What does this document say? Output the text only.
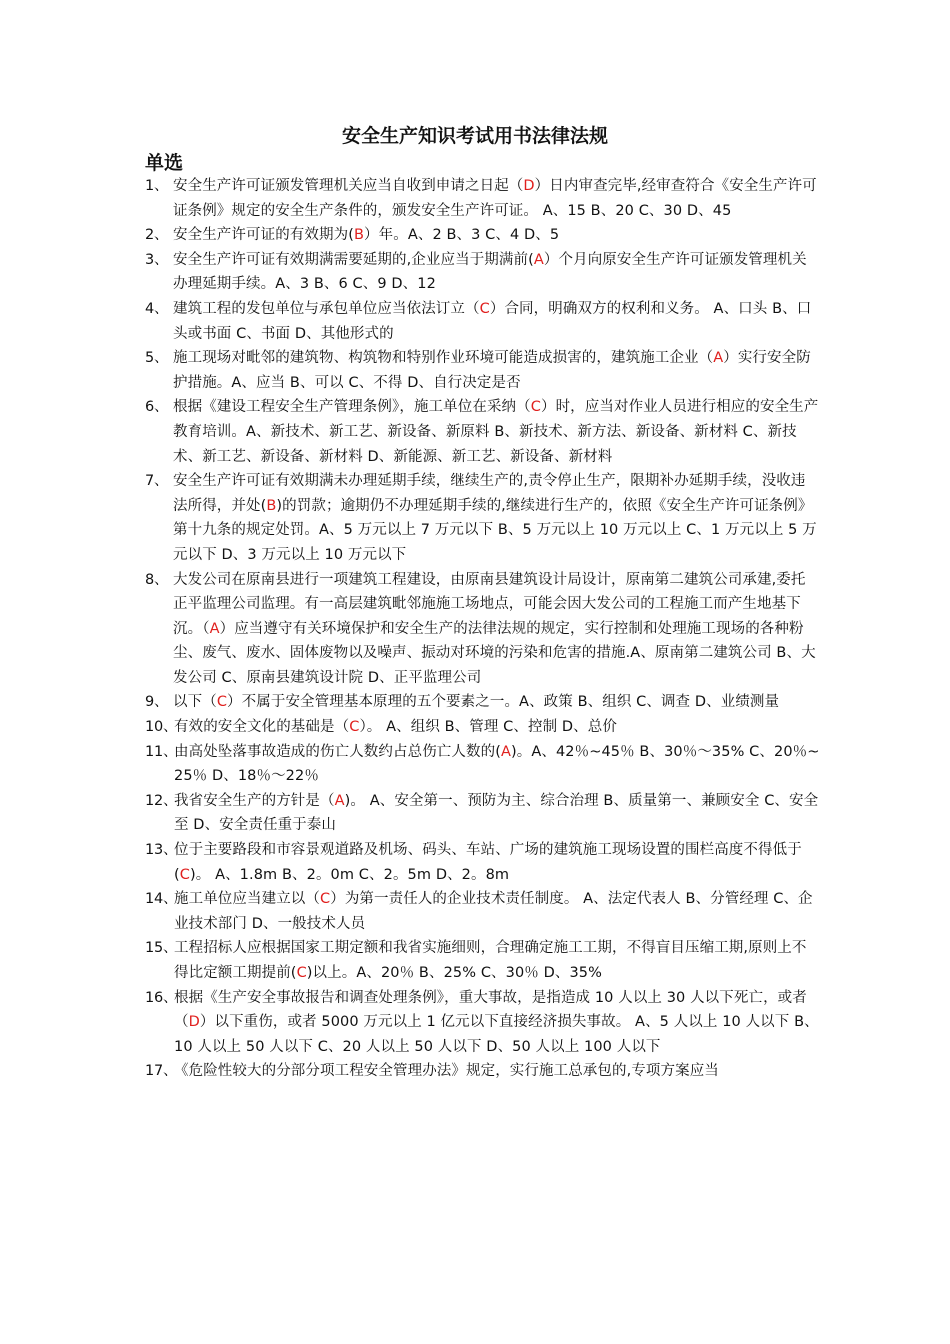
安全生产知识考试用书法律法规
单选
1、 安全生产许可证颁发管理机关应当自收到申请之日起（D）日内审查完毕,经审查符合《安全生产许可证条例》规定的安全生产条件的，颁发安全生产许可证。 A、15 B、20 C、30 D、45
2、 安全生产许可证的有效期为(B）年。A、2 B、3 C、4 D、5
3、 安全生产许可证有效期满需要延期的,企业应当于期满前(A）个月向原安全生产许可证颁发管理机关办理延期手续。A、3 B、6 C、9 D、12
4、 建筑工程的发包单位与承包单位应当依法订立（C）合同，明确双方的权利和义务。 A、口头 B、口头或书面 C、书面 D、其他形式的
5、 施工现场对毗邻的建筑物、构筑物和特别作业环境可能造成损害的，建筑施工企业（A）实行安全防护措施。A、应当 B、可以 C、不得 D、自行决定是否
6、 根据《建设工程安全生产管理条例》，施工单位在采纳（C）时，应当对作业人员进行相应的安全生产教育培训。A、新技术、新工艺、新设备、新原料 B、新技术、新方法、新设备、新材料 C、新技术、新工艺、新设备、新材料 D、新能源、新工艺、新设备、新材料
7、 安全生产许可证有效期满未办理延期手续，继续生产的,责令停止生产，限期补办延期手续，没收违法所得，并处(B)的罚款；逾期仍不办理延期手续的,继续进行生产的，依照《安全生产许可证条例》第十九条的规定处罚。A、5 万元以上 7 万元以下 B、5 万元以上 10 万元以上 C、1 万元以上 5 万元以下 D、3 万元以上 10 万元以下
8、 大发公司在原南县进行一项建筑工程建设，由原南县建筑设计局设计，原南第二建筑公司承建,委托正平监理公司监理。有一高层建筑毗邻施施工场地点，可能会因大发公司的工程施工而产生地基下沉。（A）应当遵守有关环境保护和安全生产的法律法规的规定，实行控制和处理施工现场的各种粉尘、废气、废水、固体废物以及噪声、振动对环境的污染和危害的措施.A、原南第二建筑公司 B、大发公司 C、原南县建筑设计院 D、正平监理公司
9、 以下（C）不属于安全管理基本原理的五个要素之一。A、政策 B、组织 C、调查 D、业绩测量
10、
有效的安全文化的基础是（C）。 A、组织 B、管理 C、控制 D、总价
11、
由高处坠落事故造成的伤亡人数约占总伤亡人数的(A)。A、42％~45％ B、30％～35% C、20％~25％ D、18％～22％
12、
我省安全生产的方针是（A)。 A、安全第一、预防为主、综合治理 B、质量第一、兼顾安全 C、安全至 D、安全责任重于泰山
13、
位于主要路段和市容景观道路及机场、码头、车站、广场的建筑施工现场设置的围栏高度不得低于(C)。 A、1.8m B、2。0m C、2。5m D、2。8m
14、
施工单位应当建立以（C）为第一责任人的企业技术责任制度。 A、法定代表人 B、分管经理 C、企业技术部门 D、一般技术人员
15、
工程招标人应根据国家工期定额和我省实施细则，合理确定施工工期，不得盲目压缩工期,原则上不得比定额工期提前(C)以上。A、20％ B、25% C、30％ D、35%
16、
根据《生产安全事故报告和调查处理条例》，重大事故，是指造成 10 人以上 30 人以下死亡，或者（D）以下重伤，或者 5000 万元以上 1 亿元以下直接经济损失事故。 A、5 人以上 10 人以下 B、10 人以上 50 人以下 C、20 人以上 50 人以下 D、50 人以上 100 人以下
17、
《危险性较大的分部分项工程安全管理办法》规定，实行施工总承包的,专项方案应当
